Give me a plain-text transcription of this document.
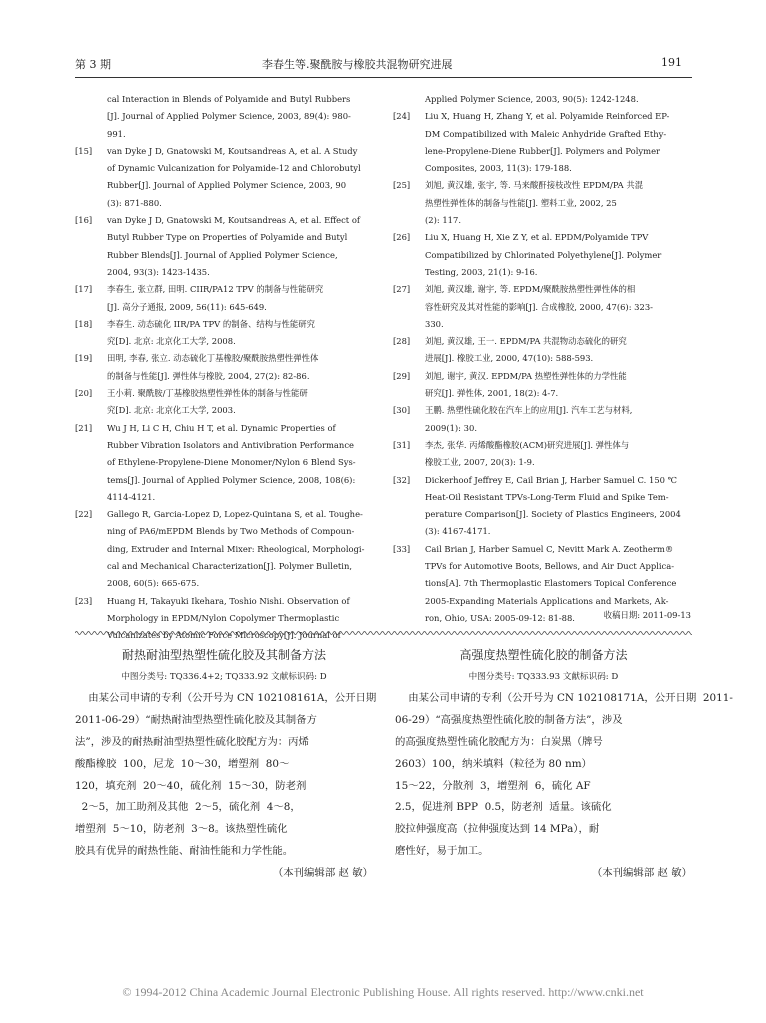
第 3 期	李春生等.聚酰胺与橡胶共混物研究进展	191
cal Interaction in Blends of Polyamide and Butyl Rubbers
[J]. Journal of Applied Polymer Science, 2003, 89(4): 980-
991.
[15]	van Dyke J D, Gnatowski M, Koutsandreas A, et al. A Study
of Dynamic Vulcanization for Polyamide-12 and Chlorobutyl
Rubber[J]. Journal of Applied Polymer Science, 2003, 90
(3): 871-880.
[16]	van Dyke J D, Gnatowski M, Koutsandreas A, et al. Effect of
Butyl Rubber Type on Properties of Polyamide and Butyl
Rubber Blends[J]. Journal of Applied Polymer Science,
2004, 93(3): 1423-1435.
[17]	李春生, 张立群, 田明. CIIR/PA12 TPV 的制备与性能研究
[J]. 高分子通报, 2009, 56(11): 645-649.
[18]	李春生. 动态硫化 IIR/PA TPV 的制备、结构与性能研究
究[D]. 北京: 北京化工大学, 2008.
[19]	田明, 李春, 张立. 动态硫化丁基橡胶/聚酰胺热塑性弹性体
的制备与性能[J]. 弹性体与橡胶, 2004, 27(2): 82-86.
[20]	王小莉. 聚酰胺/丁基橡胶热塑性弹性体的制备与性能研
究[D]. 北京: 北京化工大学, 2003.
[21]	Wu J H, Li C H, Chiu H T, et al. Dynamic Properties of
Rubber Vibration Isolators and Antivibration Performance
of Ethylene-Propylene-Diene Monomer/Nylon 6 Blend Sys-
tems[J]. Journal of Applied Polymer Science, 2008, 108(6):
4114-4121.
[22]	Gallego R, Garcia-Lopez D, Lopez-Quintana S, et al. Toughe-
ning of PA6/mEPDM Blends by Two Methods of Compoun-
ding, Extruder and Internal Mixer: Rheological, Morphologi-
cal and Mechanical Characterization[J]. Polymer Bulletin,
2008, 60(5): 665-675.
[23]	Huang H, Takayuki Ikehara, Toshio Nishi. Observation of
Morphology in EPDM/Nylon Copolymer Thermoplastic
Vulcanizates by Atomic Force Microscopy[J]. Journal of
Applied Polymer Science, 2003, 90(5): 1242-1248.
[24]	Liu X, Huang H, Zhang Y, et al. Polyamide Reinforced EP-
DM Compatibilized with Maleic Anhydride Grafted Ethy-
lene-Propylene-Diene Rubber[J]. Polymers and Polymer
Composites, 2003, 11(3): 179-188.
[25]	刘旭, 黄汉雄, 张宇, 等. 马来酸酐接枝改性 EPDM/PA 共混
热塑性弹性体的制备与性能[J]. 塑料工业, 2002, 25
(2): 117.
[26]	Liu X, Huang H, Xie Z Y, et al. EPDM/Polyamide TPV
Compatibilized by Chlorinated Polyethylene[J]. Polymer
Testing, 2003, 21(1): 9-16.
[27]	刘旭, 黄汉雄, 谢宇, 等. EPDM/聚酰胺热塑性弹性体的相
容性研究及其对性能的影响[J]. 合成橡胶, 2000, 47(6): 323-
330.
[28]	刘旭, 黄汉雄, 王一. EPDM/PA 共混物动态硫化的研究
进展[J]. 橡胶工业, 2000, 47(10): 588-593.
[29]	刘旭, 谢宇, 黄汉. EPDM/PA 热塑性弹性体的力学性能
研究[J]. 弹性体, 2001, 18(2): 4-7.
[30]	王鹏. 热塑性硫化胶在汽车上的应用[J]. 汽车工艺与材料,
2009(1): 30.
[31]	李杰, 张华. 丙烯酸酯橡胶(ACM)研究进展[J]. 弹性体与
橡胶工业, 2007, 20(3): 1-9.
[32]	Dickerhoof Jeffrey E, Cail Brian J, Harber Samuel C. 150 ℃
Heat-Oil Resistant TPVs-Long-Term Fluid and Spike Tem-
perature Comparison[J]. Society of Plastics Engineers, 2004
(3): 4167-4171.
[33]	Cail Brian J, Harber Samuel C, Nevitt Mark A. Zeotherm®
TPVs for Automotive Boots, Bellows, and Air Duct Applica-
tions[A]. 7th Thermoplastic Elastomers Topical Conference
2005-Expanding Materials Applications and Markets, Ak-
ron, Ohio, USA: 2005-09-12: 81-88.	收稿日期: 2011-09-13
耐热耐油型热塑性硫化胶及其制备方法
中图分类号: TQ336.4+2; TQ333.92 文献标识码: D
由某公司申请的专利（公开号为 CN 102108161A，公开日期
2011-06-29）“耐热耐油型热塑性硫化胶及其制备方
法”，涉及的耐热耐油型热塑性硫化胶配方为：丙烯
酸酯橡胶  100，尼龙  10～30，增塑剂  80～
120，填充剂  20～40，硫化剂  15～30，防老剂
2～5，加工助剂及其他  2～5，硫化剂  4～8，
增塑剂  5～10，防老剂  3～8。该热塑性硫化
胶具有优异的耐热性能、耐油性能和力学性能。
（本刊编辑部 赵 敏）
高强度热塑性硫化胶的制备方法
中图分类号: TQ333.93 文献标识码: D
由某公司申请的专利（公开号为 CN 102108171A，公开日期  2011-
06-29）“高强度热塑性硫化胶的制备方法”，涉及
的高强度热塑性硫化胶配方为：白炭黑（牌号
2603）100，纳米填料（粒径为 80 nm）
15～22，分散剂  3，增塑剂  6，硫化 AF
2.5，促进剂 BPP  0.5，防老剂  适量。该硫化
胶拉伸强度高（拉伸强度达到 14 MPa），耐
磨性好，易于加工。
（本刊编辑部 赵 敏）
© 1994-2012 China Academic Journal Electronic Publishing House. All rights reserved. http://www.cnki.net
